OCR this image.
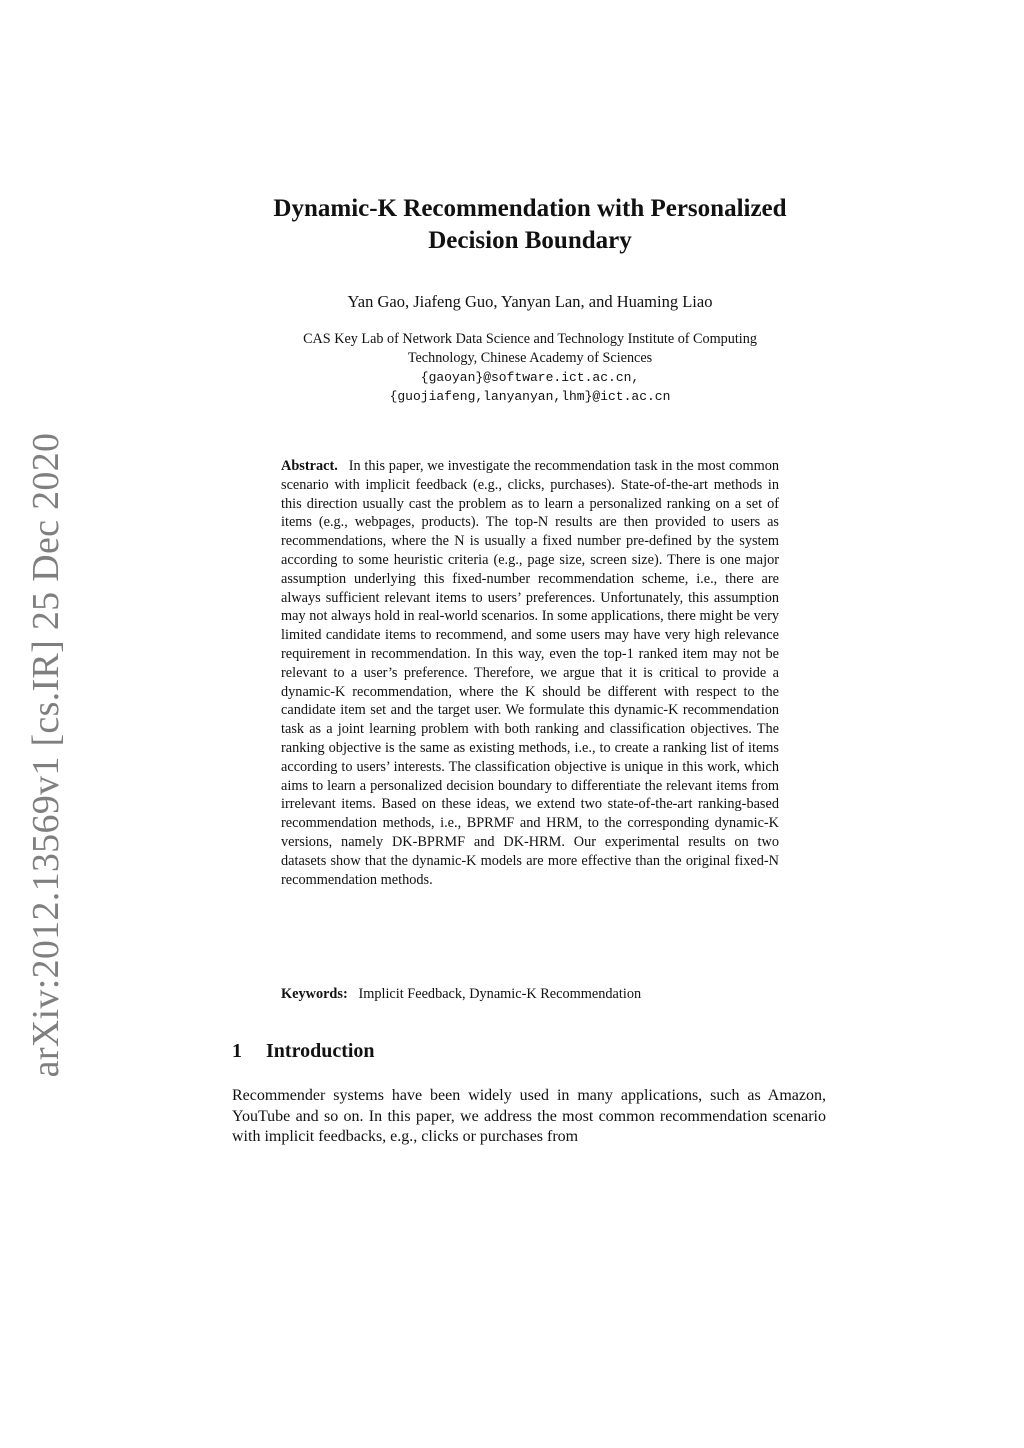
arXiv:2012.13569v1 [cs.IR] 25 Dec 2020
Dynamic-K Recommendation with Personalized
Decision Boundary
Yan Gao, Jiafeng Guo, Yanyan Lan, and Huaming Liao
CAS Key Lab of Network Data Science and Technology Institute of Computing
Technology, Chinese Academy of Sciences
{gaoyan}@software.ict.ac.cn,
{guojiafeng,lanyanyan,lhm}@ict.ac.cn
Abstract.  In this paper, we investigate the recommendation task in the most common scenario with implicit feedback (e.g., clicks, purchases). State-of-the-art methods in this direction usually cast the problem as to learn a personalized ranking on a set of items (e.g., webpages, products). The top-N results are then provided to users as recommendations, where the N is usually a fixed number pre-defined by the system according to some heuristic criteria (e.g., page size, screen size). There is one major assumption underlying this fixed-number recommendation scheme, i.e., there are always sufficient relevant items to users’ preferences. Unfortunately, this assumption may not always hold in real-world scenarios. In some applications, there might be very limited candidate items to recommend, and some users may have very high relevance requirement in recommendation. In this way, even the top-1 ranked item may not be relevant to a user’s preference. Therefore, we argue that it is critical to provide a dynamic-K recommendation, where the K should be different with respect to the candidate item set and the target user. We formulate this dynamic-K recommendation task as a joint learning problem with both ranking and classification objectives. The ranking objective is the same as existing methods, i.e., to create a ranking list of items according to users’ interests. The classification objective is unique in this work, which aims to learn a personalized decision boundary to differentiate the relevant items from irrelevant items. Based on these ideas, we extend two state-of-the-art ranking-based recommendation methods, i.e., BPRMF and HRM, to the corresponding dynamic-K versions, namely DK-BPRMF and DK-HRM. Our experimental results on two datasets show that the dynamic-K models are more effective than the original fixed-N recommendation methods.
Keywords:  Implicit Feedback, Dynamic-K Recommendation
1 Introduction
Recommender systems have been widely used in many applications, such as Amazon, YouTube and so on. In this paper, we address the most common recommendation scenario with implicit feedbacks, e.g., clicks or purchases from
